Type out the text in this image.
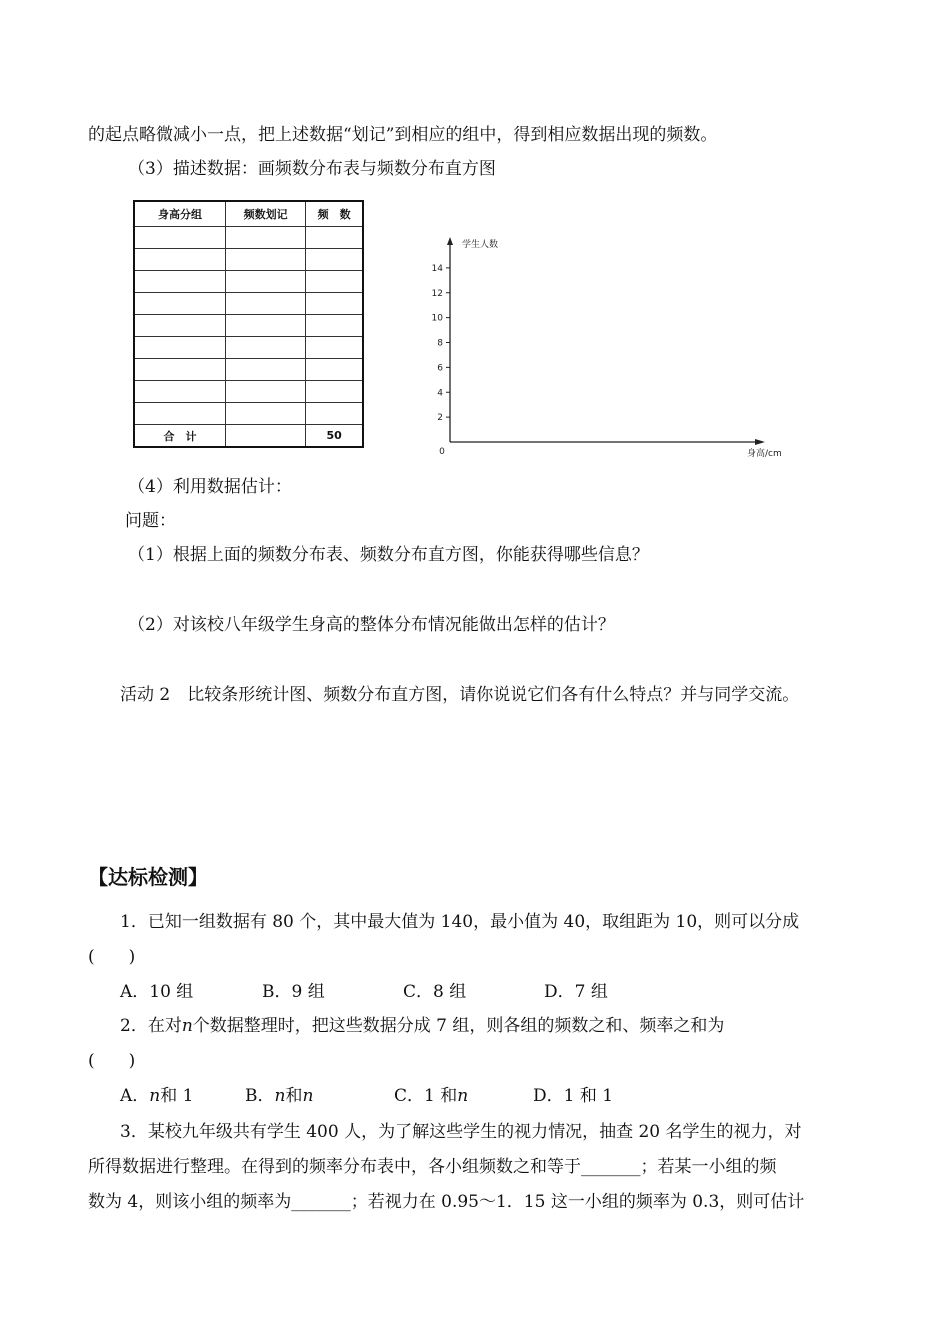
的起点略微减小一点，把上述数据“划记”到相应的组中，得到相应数据出现的频数。
（3）描述数据：画频数分布表与频数分布直方图
身高分组	频数划记	频　数

合　计		50
学生人数
身高/cm
0
2
4
6
8
10
12
14
（4）利用数据估计：
问题：
（1）根据上面的频数分布表、频数分布直方图，你能获得哪些信息？
（2）对该校八年级学生身高的整体分布情况能做出怎样的估计？
活动 2　比较条形统计图、频数分布直方图，请你说说它们各有什么特点？并与同学交流。
【达标检测】
1．已知一组数据有 80 个，其中最大值为 140，最小值为 40，取组距为 10，则可以分成
(　　)
A．10 组	B．9 组	C．8 组	D．7 组
2．在对n个数据整理时，把这些数据分成 7 组，则各组的频数之和、频率之和为
(　　)
A．n和 1	B．n和n	C．1 和n	D．1 和 1
3．某校九年级共有学生 400 人，为了解这些学生的视力情况，抽查 20 名学生的视力，对
所得数据进行整理。在得到的频率分布表中，各小组频数之和等于_______；若某一小组的频
数为 4，则该小组的频率为_______；若视力在 0.95～1．15 这一小组的频率为 0.3，则可估计
